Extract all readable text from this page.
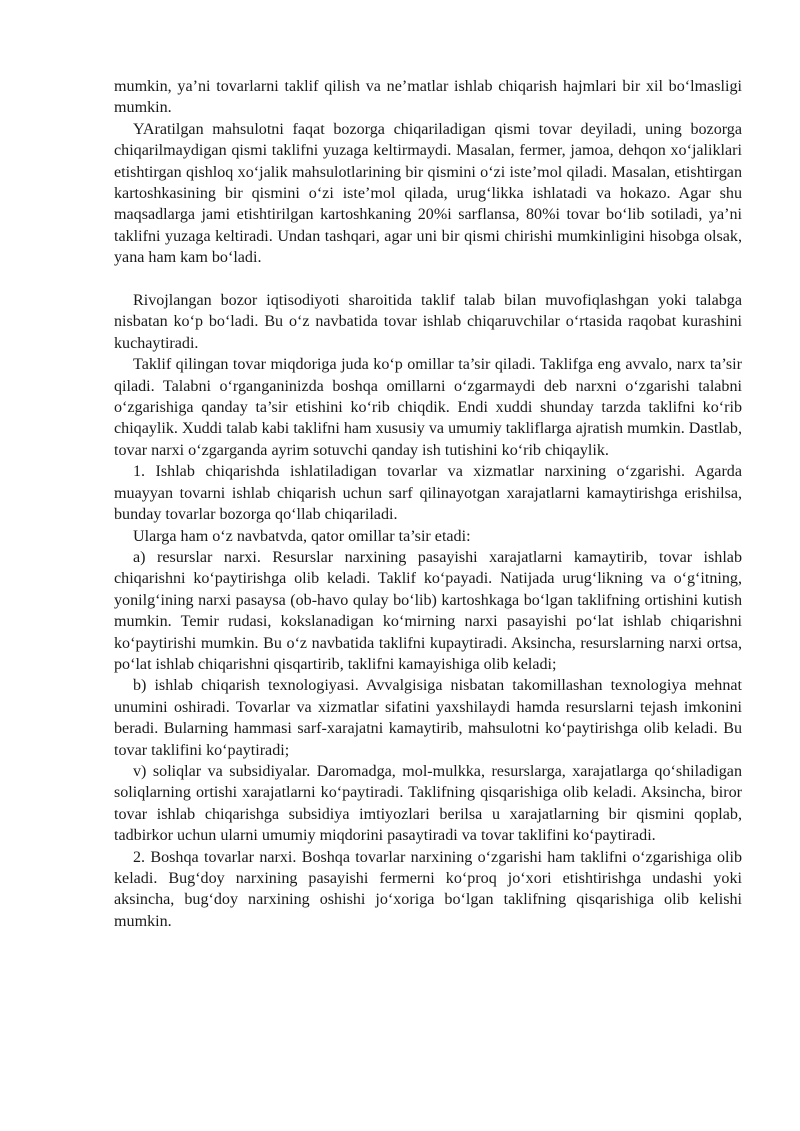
mumkin, ya’ni tovarlarni taklif qilish va ne’matlar ishlab chiqarish hajmlari bir xil bo‘lmasligi mumkin.

YAratilgan mahsulotni faqat bozorga chiqariladigan qismi tovar deyiladi, uning bozorga chiqarilmaydigan qismi taklifni yuzaga keltirmaydi. Masalan, fermer, jamoa, dehqon xo‘jaliklari etishtirgan qishloq xo‘jalik mahsulotlarining bir qismini o‘zi iste’mol qiladi. Masalan, etishtirgan kartoshkasining bir qismini o‘zi iste’mol qilada, urug‘likka ishlatadi va hokazo. Agar shu maqsadlarga jami etishtirilgan kartoshkaning 20%i sarflansa, 80%i tovar bo‘lib sotiladi, ya’ni taklifni yuzaga keltiradi. Undan tashqari, agar uni bir qismi chirishi mumkinligini hisobga olsak, yana ham kam bo‘ladi.

Rivojlangan bozor iqtisodiyoti sharoitida taklif talab bilan muvofiqlashgan yoki talabga nisbatan ko‘p bo‘ladi. Bu o‘z navbatida tovar ishlab chiqaruvchilar o‘rtasida raqobat kurashini kuchaytiradi.

Taklif qilingan tovar miqdoriga juda ko‘p omillar ta’sir qiladi. Taklifga eng avvalo, narx ta’sir qiladi. Talabni o‘rganganinizda boshqa omillarni o‘zgarmaydi deb narxni o‘zgarishi talabni o‘zgarishiga qanday ta’sir etishini ko‘rib chiqdik. Endi xuddi shunday tarzda taklifni ko‘rib chiqaylik. Xuddi talab kabi taklifni ham xususiy va umumiy takliflarga ajratish mumkin. Dastlab, tovar narxi o‘zgarganda ayrim sotuvchi qanday ish tutishini ko‘rib chiqaylik.

1. Ishlab chiqarishda ishlatiladigan tovarlar va xizmatlar narxining o‘zgarishi. Agarda muayyan tovarni ishlab chiqarish uchun sarf qilinayotgan xarajatlarni kamaytirishga erishilsa, bunday tovarlar bozorga qo‘llab chiqariladi.

Ularga ham o‘z navbatvda, qator omillar ta’sir etadi:

a) resurslar narxi. Resurslar narxining pasayishi xarajatlarni kamaytirib, tovar ishlab chiqarishni ko‘paytirishga olib keladi. Taklif ko‘payadi. Natijada urug‘likning va o‘g‘itning, yonilg‘ining narxi pasaysa (ob-havo qulay bo‘lib) kartoshkaga bo‘lgan taklifning ortishini kutish mumkin. Temir rudasi, kokslanadigan ko‘mirning narxi pasayishi po‘lat ishlab chiqarishni ko‘paytirishi mumkin. Bu o‘z navbatida taklifni kupaytiradi. Aksincha, resurslarning narxi ortsa, po‘lat ishlab chiqarishni qisqartirib, taklifni kamayishiga olib keladi;

b) ishlab chiqarish texnologiyasi. Avvalgisiga nisbatan takomillashan texnologiya mehnat unumini oshiradi. Tovarlar va xizmatlar sifatini yaxshilaydi hamda resurslarni tejash imkonini beradi. Bularning hammasi sarf-xarajatni kamaytirib, mahsulotni ko‘paytirishga olib keladi. Bu tovar taklifini ko‘paytiradi;

v) soliqlar va subsidiyalar. Daromadga, mol-mulkka, resurslarga, xarajatlarga qo‘shiladigan soliqlarning ortishi xarajatlarni ko‘paytiradi. Taklifning qisqarishiga olib keladi. Aksincha, biror tovar ishlab chiqarishga subsidiya imtiyozlari berilsa u xarajatlarning bir qismini qoplab, tadbirkor uchun ularni umumiy miqdorini pasaytiradi va tovar taklifini ko‘paytiradi.

2. Boshqa tovarlar narxi. Boshqa tovarlar narxining o‘zgarishi ham taklifni o‘zgarishiga olib keladi. Bug‘doy narxining pasayishi fermerni ko‘proq jo‘xori etishtirishga undashi yoki aksincha, bug‘doy narxining oshishi jo‘xoriga bo‘lgan taklifning qisqarishiga olib kelishi mumkin.
